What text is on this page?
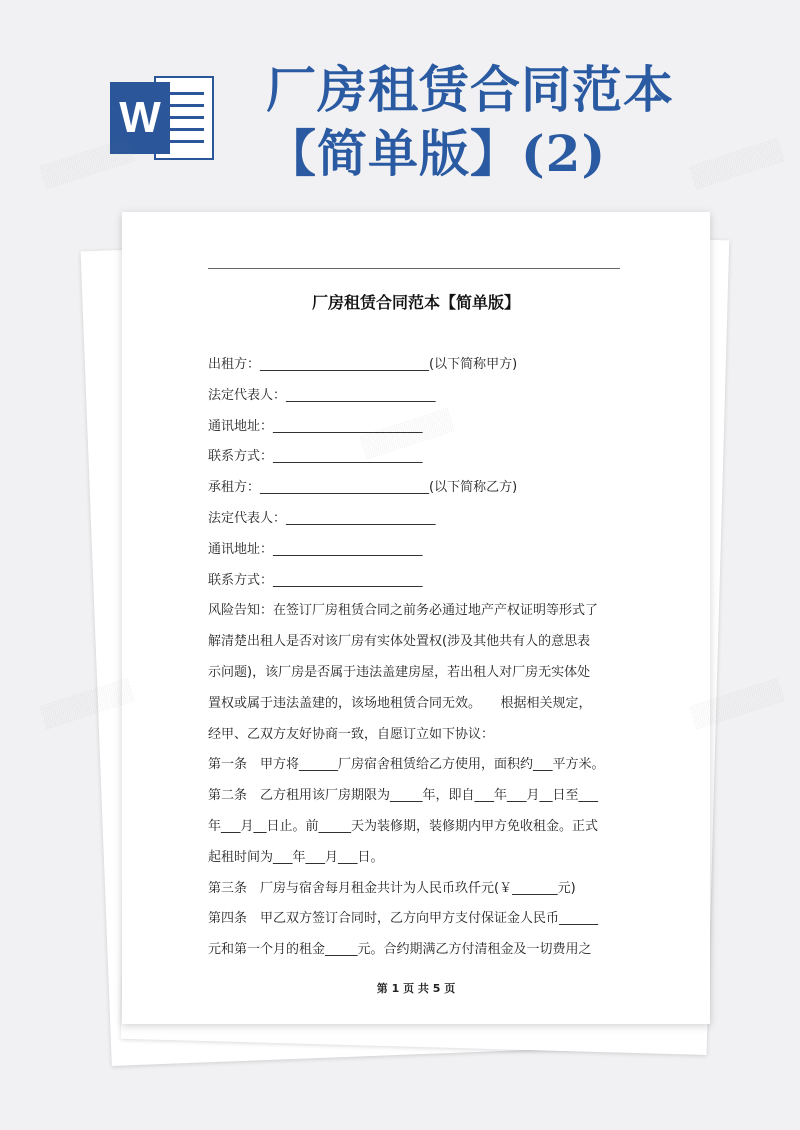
W 厂房租赁合同范本【简单版】(2)
厂房租赁合同范本【简单版】
出租方：__________________________(以下简称甲方)
法定代表人：_______________________
通讯地址：_______________________
联系方式：_______________________
承租方：__________________________(以下简称乙方)
法定代表人：_______________________
通讯地址：_______________________
联系方式：_______________________
风险告知：在签订厂房租赁合同之前务必通过地产产权证明等形式了
解清楚出租人是否对该厂房有实体处置权(涉及其他共有人的意思表
示问题)，该厂房是否属于违法盖建房屋，若出租人对厂房无实体处
置权或属于违法盖建的，该场地租赁合同无效。　　根据相关规定，
经甲、乙双方友好协商一致，自愿订立如下协议：
第一条　甲方将______厂房宿舍租赁给乙方使用，面积约___平方米。
第二条　乙方租用该厂房期限为_____年，即自___年___月__日至___
年___月__日止。前_____天为装修期，装修期内甲方免收租金。正式
起租时间为___年___月___日。
第三条　厂房与宿舍每月租金共计为人民币玖仟元(￥_______元)
第四条　甲乙双方签订合同时，乙方向甲方支付保证金人民币______
元和第一个月的租金_____元。合约期满乙方付清租金及一切费用之
第 1 页 共 5 页
▒▒▒▒▒▒	▒▒▒▒▒▒
▒▒▒▒▒▒	▒▒▒▒▒▒
